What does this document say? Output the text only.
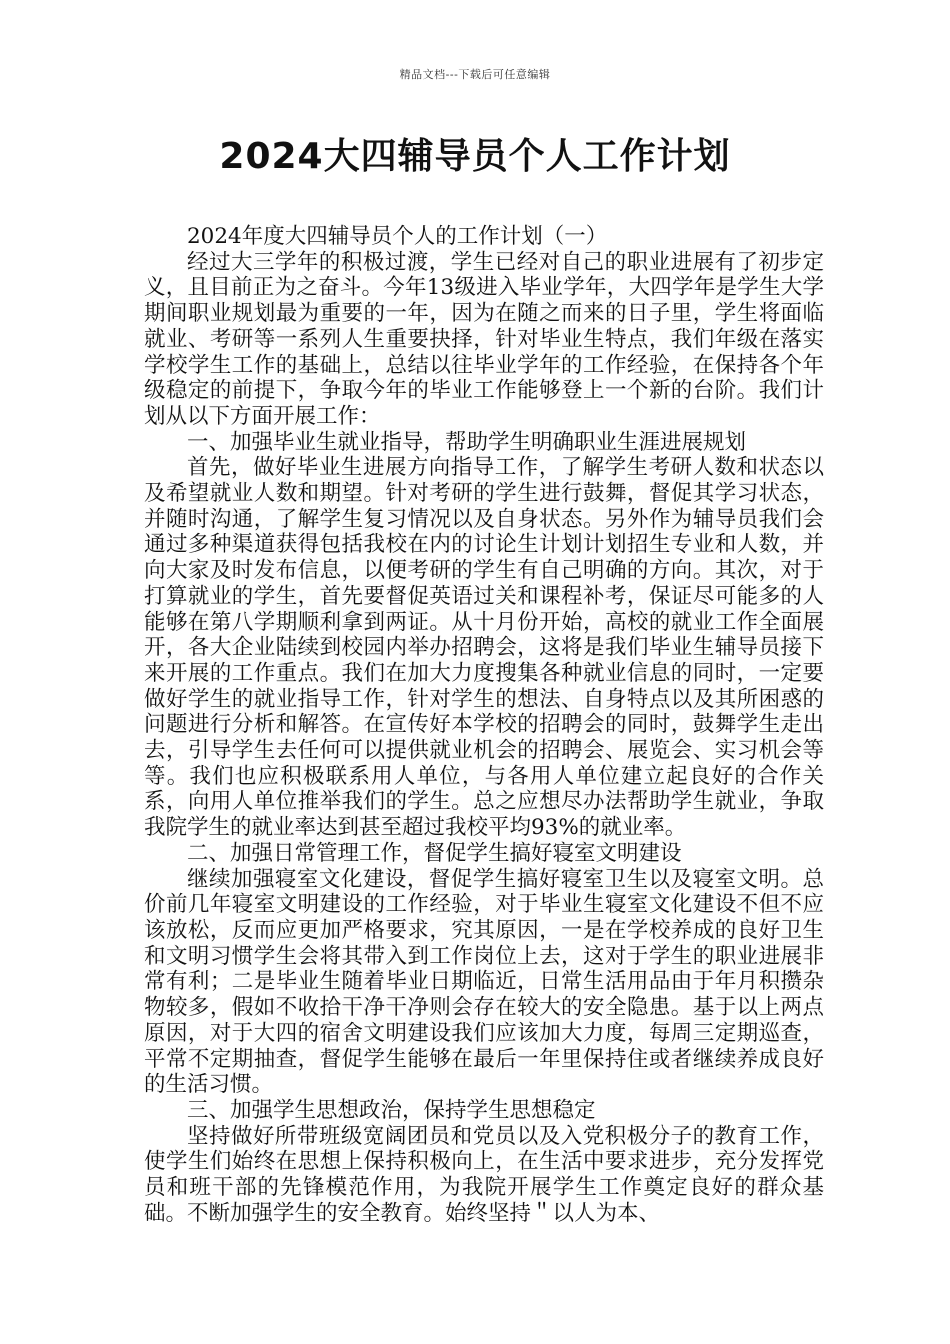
精品文档---下载后可任意编辑
2024大四辅导员个人工作计划

2024年度大四辅导员个人的工作计划（一）

经过大三学年的积极过渡，学生已经对自己的职业进展有了初步定义，且目前正为之奋斗。今年13级进入毕业学年，大四学年是学生大学期间职业规划最为重要的一年，因为在随之而来的日子里，学生将面临就业、考研等一系列人生重要抉择，针对毕业生特点，我们年级在落实学校学生工作的基础上，总结以往毕业学年的工作经验，在保持各个年级稳定的前提下，争取今年的毕业工作能够登上一个新的台阶。我们计划从以下方面开展工作：

一、加强毕业生就业指导，帮助学生明确职业生涯进展规划

首先，做好毕业生进展方向指导工作，了解学生考研人数和状态以及希望就业人数和期望。针对考研的学生进行鼓舞，督促其学习状态，并随时沟通，了解学生复习情况以及自身状态。另外作为辅导员我们会通过多种渠道获得包括我校在内的讨论生计划计划招生专业和人数，并向大家及时发布信息，以便考研的学生有自己明确的方向。其次，对于打算就业的学生，首先要督促英语过关和课程补考，保证尽可能多的人能够在第八学期顺利拿到两证。从十月份开始，高校的就业工作全面展开，各大企业陆续到校园内举办招聘会，这将是我们毕业生辅导员接下来开展的工作重点。我们在加大力度搜集各种就业信息的同时，一定要做好学生的就业指导工作，针对学生的想法、自身特点以及其所困惑的问题进行分析和解答。在宣传好本学校的招聘会的同时，鼓舞学生走出去，引导学生去任何可以提供就业机会的招聘会、展览会、实习机会等等。我们也应积极联系用人单位，与各用人单位建立起良好的合作关系，向用人单位推举我们的学生。总之应想尽办法帮助学生就业，争取我院学生的就业率达到甚至超过我校平均93%的就业率。

二、加强日常管理工作，督促学生搞好寝室文明建设

继续加强寝室文化建设，督促学生搞好寝室卫生以及寝室文明。总价前几年寝室文明建设的工作经验，对于毕业生寝室文化建设不但不应该放松，反而应更加严格要求，究其原因，一是在学校养成的良好卫生和文明习惯学生会将其带入到工作岗位上去，这对于学生的职业进展非常有利；二是毕业生随着毕业日期临近，日常生活用品由于年月积攒杂物较多，假如不收拾干净干净则会存在较大的安全隐患。基于以上两点原因，对于大四的宿舍文明建设我们应该加大力度，每周三定期巡查，平常不定期抽查，督促学生能够在最后一年里保持住或者继续养成良好的生活习惯。

三、加强学生思想政治，保持学生思想稳定

坚持做好所带班级宽阔团员和党员以及入党积极分子的教育工作，使学生们始终在思想上保持积极向上，在生活中要求进步，充分发挥党员和班干部的先锋模范作用，为我院开展学生工作奠定良好的群众基础。不断加强学生的安全教育。始终坚持＂以人为本、
